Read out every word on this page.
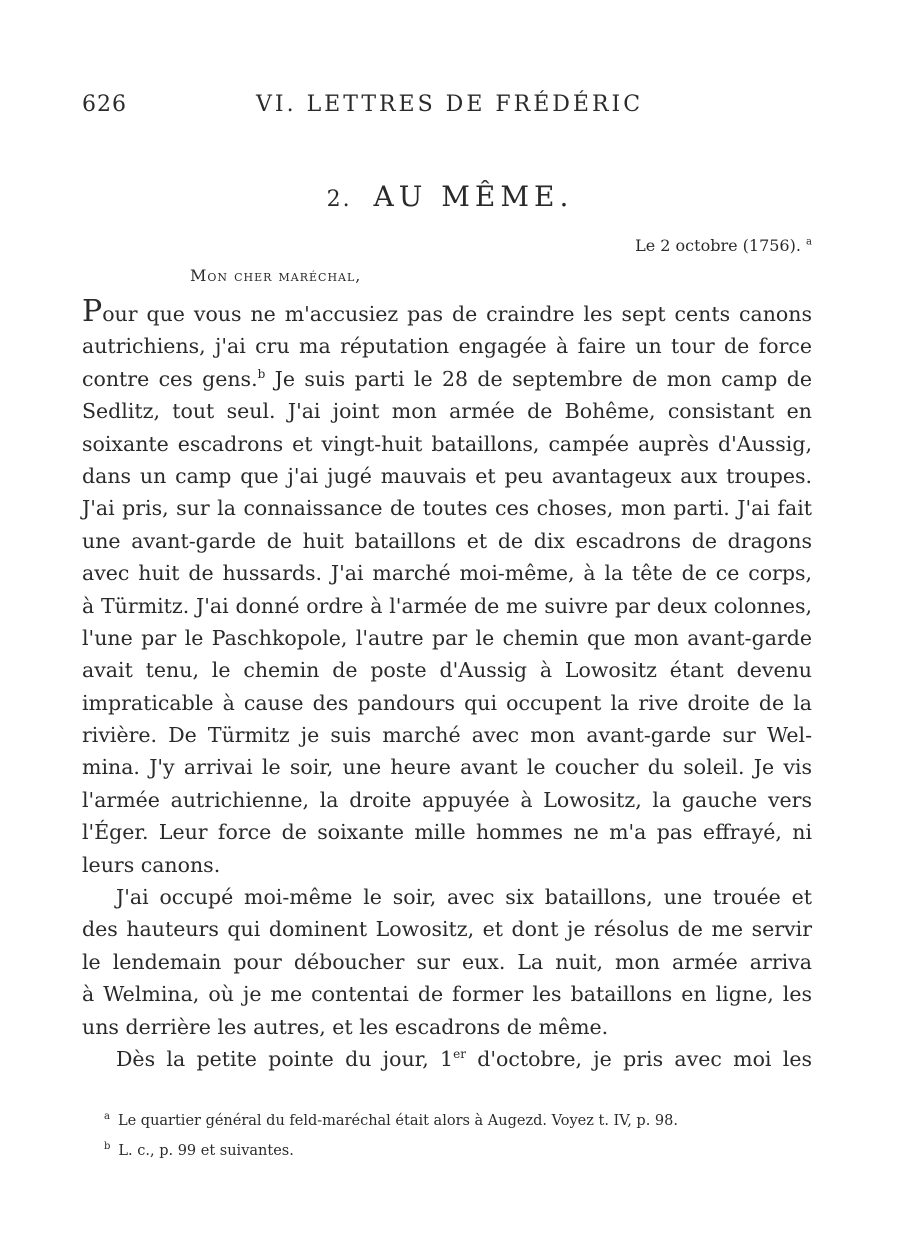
626	VI. LETTRES DE FRÉDÉRIC
2. AU MÊME.
Le 2 octobre (1756). $^a$
Mon cher maréchal,
Pour que vous ne m'accusiez pas de craindre les sept cents canons
autrichiens, j'ai cru ma réputation engagée à faire un tour de force
contre ces gens.$^b$ Je suis parti le 28 de septembre de mon camp de
Sedlitz, tout seul. J'ai joint mon armée de Bohême, consistant en
soixante escadrons et vingt-huit bataillons, campée auprès d'Aussig,
dans un camp que j'ai jugé mauvais et peu avantageux aux troupes.
J'ai pris, sur la connaissance de toutes ces choses, mon parti. J'ai fait
une avant-garde de huit bataillons et de dix escadrons de dragons
avec huit de hussards. J'ai marché moi-même, à la tête de ce corps,
à Türmitz. J'ai donné ordre à l'armée de me suivre par deux colonnes,
l'une par le Paschkopole, l'autre par le chemin que mon avant-garde
avait tenu, le chemin de poste d'Aussig à Lowositz étant devenu
impraticable à cause des pandours qui occupent la rive droite de la
rivière. De Türmitz je suis marché avec mon avant-garde sur Wel-
mina. J'y arrivai le soir, une heure avant le coucher du soleil. Je vis
l'armée autrichienne, la droite appuyée à Lowositz, la gauche vers
l'Éger. Leur force de soixante mille hommes ne m'a pas effrayé, ni
leurs canons.
J'ai occupé moi-même le soir, avec six bataillons, une trouée et
des hauteurs qui dominent Lowositz, et dont je résolus de me servir
le lendemain pour déboucher sur eux. La nuit, mon armée arriva
à Welmina, où je me contentai de former les bataillons en ligne, les
uns derrière les autres, et les escadrons de même.
Dès la petite pointe du jour, 1er d'octobre, je pris avec moi les
$^a$ Le quartier général du feld-maréchal était alors à Augezd. Voyez t. IV, p. 98.
$^b$ L. c., p. 99 et suivantes.
